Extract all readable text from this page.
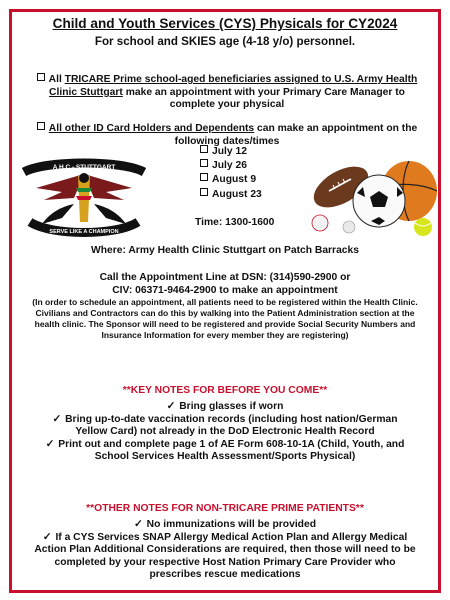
Child and Youth Services (CYS) Physicals for CY2024
For school and SKIES age (4-18 y/o) personnel.

All TRICARE Prime school-aged beneficiaries assigned to U.S. Army Health Clinic Stuttgart make an appointment with your Primary Care Manager to complete your physical

All other ID Card Holders and Dependents can make an appointment on the following dates/times

July 12
July 26
August 9
August 23
Time: 1300-1600
A H C - STUTTGART
SERVE LIKE A CHAMPION
Where: Army Health Clinic Stuttgart on Patch Barracks
Call the Appointment Line at DSN: (314)590-2900 or
CIV: 06371-9464-2900 to make an appointment
(In order to schedule an appointment, all patients need to be registered within the Health Clinic. Civilians and Contractors can do this by walking into the Patient Administration section at the health clinic. The Sponsor will need to be registered and provide Social Security Numbers and Insurance Information for every member they are registering)
**KEY NOTES FOR BEFORE YOU COME**
✓ Bring glasses if worn
✓ Bring up-to-date vaccination records (including host nation/German Yellow Card) not already in the DoD Electronic Health Record
✓ Print out and complete page 1 of AE Form 608-10-1A (Child, Youth, and School Services Health Assessment/Sports Physical)
**OTHER NOTES FOR NON-TRICARE PRIME PATIENTS**
✓ No immunizations will be provided
✓ If a CYS Services SNAP Allergy Medical Action Plan and Allergy Medical Action Plan Additional Considerations are required, then those will need to be completed by your respective Host Nation Primary Care Provider who prescribes rescue medications
